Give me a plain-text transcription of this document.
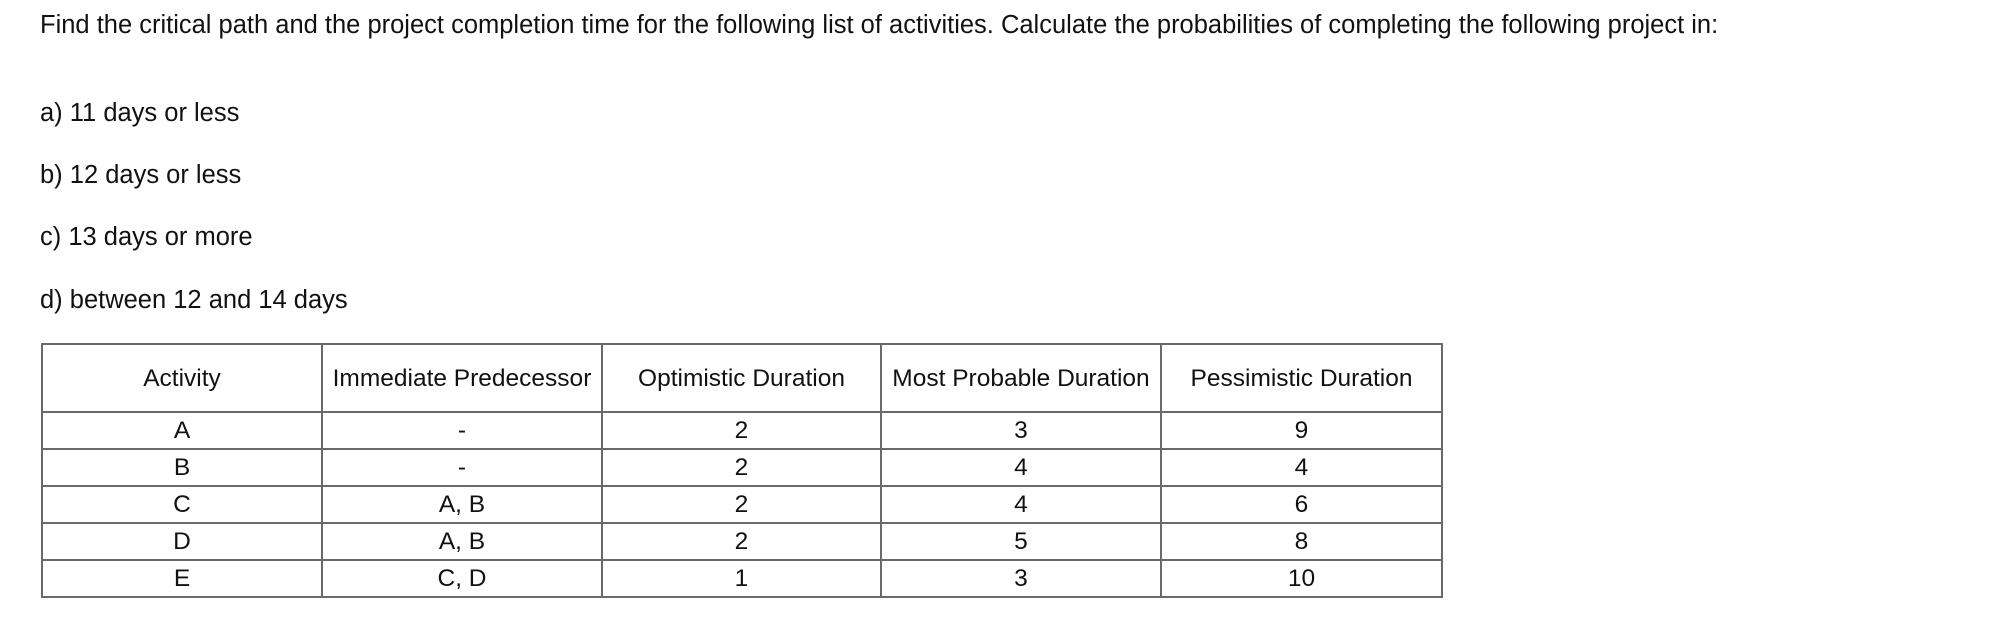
Find the critical path and the project completion time for the following list of activities. Calculate the probabilities of completing the following project in:
a) 11 days or less
b) 12 days or less
c) 13 days or more
d) between 12 and 14 days
Activity	Immediate Predecessor	Optimistic Duration	Most Probable Duration	Pessimistic Duration
A	-	2	3	9
B	-	2	4	4
C	A, B	2	4	6
D	A, B	2	5	8
E	C, D	1	3	10
